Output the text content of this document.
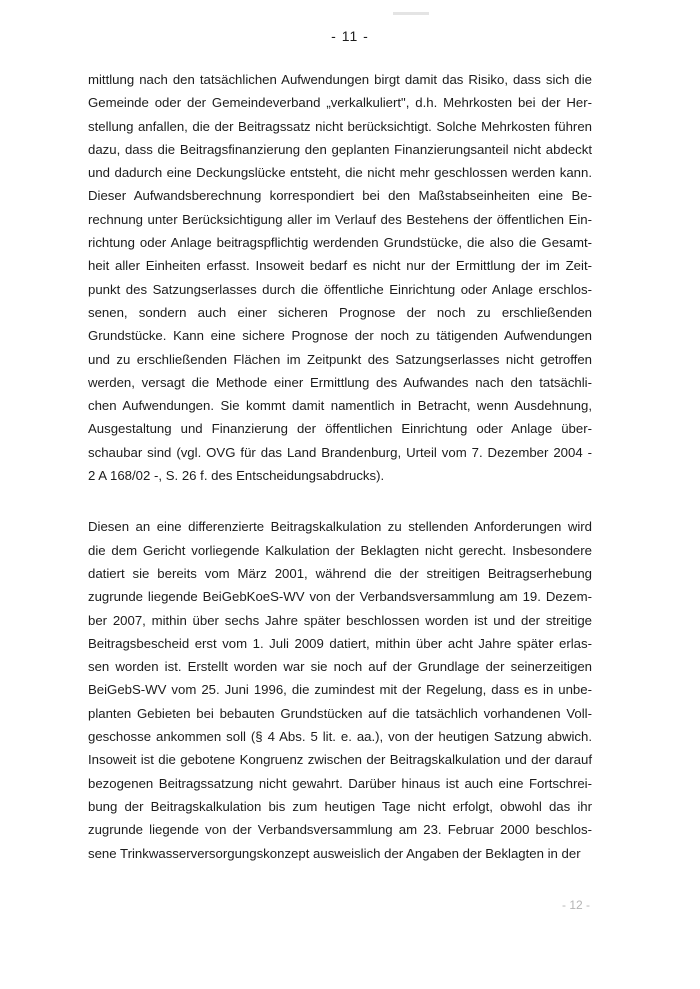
- 11 -

mittlung nach den tatsächlichen Aufwendungen birgt damit das Risiko, dass sich die
Gemeinde oder der Gemeindeverband „verkalkuliert", d.h. Mehrkosten bei der Her-
stellung anfallen, die der Beitragssatz nicht berücksichtigt. Solche Mehrkosten führen
dazu, dass die Beitragsfinanzierung den geplanten Finanzierungsanteil nicht abdeckt
und dadurch eine Deckungslücke entsteht, die nicht mehr geschlossen werden kann.
Dieser Aufwandsberechnung korrespondiert bei den Maßstabseinheiten eine Be-
rechnung unter Berücksichtigung aller im Verlauf des Bestehens der öffentlichen Ein-
richtung oder Anlage beitragspflichtig werdenden Grundstücke, die also die Gesamt-
heit aller Einheiten erfasst. Insoweit bedarf es nicht nur der Ermittlung der im Zeit-
punkt des Satzungserlasses durch die öffentliche Einrichtung oder Anlage erschlos-
senen, sondern auch einer sicheren Prognose der noch zu erschließenden
Grundstücke. Kann eine sichere Prognose der noch zu tätigenden Aufwendungen
und zu erschließenden Flächen im Zeitpunkt des Satzungserlasses nicht getroffen
werden, versagt die Methode einer Ermittlung des Aufwandes nach den tatsächli-
chen Aufwendungen. Sie kommt damit namentlich in Betracht, wenn Ausdehnung,
Ausgestaltung und Finanzierung der öffentlichen Einrichtung oder Anlage über-
schaubar sind (vgl. OVG für das Land Brandenburg, Urteil vom 7. Dezember 2004 -
2 A 168/02 -, S. 26 f. des Entscheidungsabdrucks).

Diesen an eine differenzierte Beitragskalkulation zu stellenden Anforderungen wird
die dem Gericht vorliegende Kalkulation der Beklagten nicht gerecht. Insbesondere
datiert sie bereits vom März 2001, während die der streitigen Beitragserhebung
zugrunde liegende BeiGebKoeS-WV von der Verbandsversammlung am 19. Dezem-
ber 2007, mithin über sechs Jahre später beschlossen worden ist und der streitige
Beitragsbescheid erst vom 1. Juli 2009 datiert, mithin über acht Jahre später erlas-
sen worden ist. Erstellt worden war sie noch auf der Grundlage der seinerzeitigen
BeiGebS-WV vom 25. Juni 1996, die zumindest mit der Regelung, dass es in unbe-
planten Gebieten bei bebauten Grundstücken auf die tatsächlich vorhandenen Voll-
geschosse ankommen soll (§ 4 Abs. 5 lit. e. aa.), von der heutigen Satzung abwich.
Insoweit ist die gebotene Kongruenz zwischen der Beitragskalkulation und der darauf
bezogenen Beitragssatzung nicht gewahrt. Darüber hinaus ist auch eine Fortschrei-
bung der Beitragskalkulation bis zum heutigen Tage nicht erfolgt, obwohl das ihr
zugrunde liegende von der Verbandsversammlung am 23. Februar 2000 beschlos-
sene Trinkwasserversorgungskonzept ausweislich der Angaben der Beklagten in der

- 12 -
